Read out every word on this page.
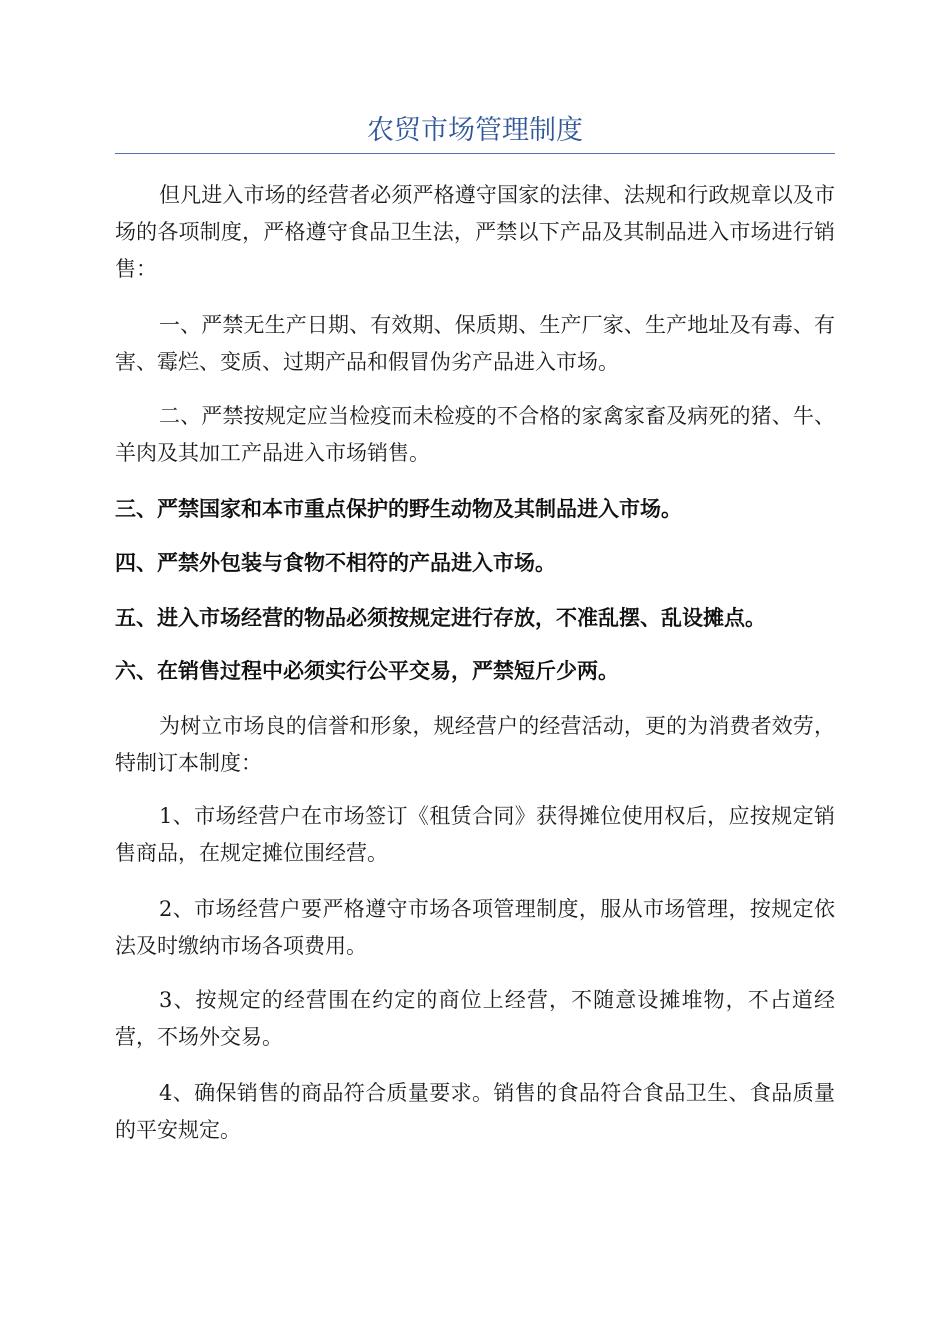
农贸市场管理制度

但凡进入市场的经营者必须严格遵守国家的法律、法规和行政规章以及市场的各项制度，严格遵守食品卫生法，严禁以下产品及其制品进入市场进行销售：

一、严禁无生产日期、有效期、保质期、生产厂家、生产地址及有毒、有害、霉烂、变质、过期产品和假冒伪劣产品进入市场。

二、严禁按规定应当检疫而未检疫的不合格的家禽家畜及病死的猪、牛、羊肉及其加工产品进入市场销售。

三、严禁国家和本市重点保护的野生动物及其制品进入市场。

四、严禁外包装与食物不相符的产品进入市场。

五、进入市场经营的物品必须按规定进行存放，不准乱摆、乱设摊点。

六、在销售过程中必须实行公平交易，严禁短斤少两。

为树立市场良的信誉和形象，规经营户的经营活动，更的为消费者效劳，特制订本制度：

1、市场经营户在市场签订《租赁合同》获得摊位使用权后，应按规定销售商品，在规定摊位围经营。

2、市场经营户要严格遵守市场各项管理制度，服从市场管理，按规定依法及时缴纳市场各项费用。

3、按规定的经营围在约定的商位上经营，不随意设摊堆物，不占道经营，不场外交易。

4、确保销售的商品符合质量要求。销售的食品符合食品卫生、食品质量的平安规定。
